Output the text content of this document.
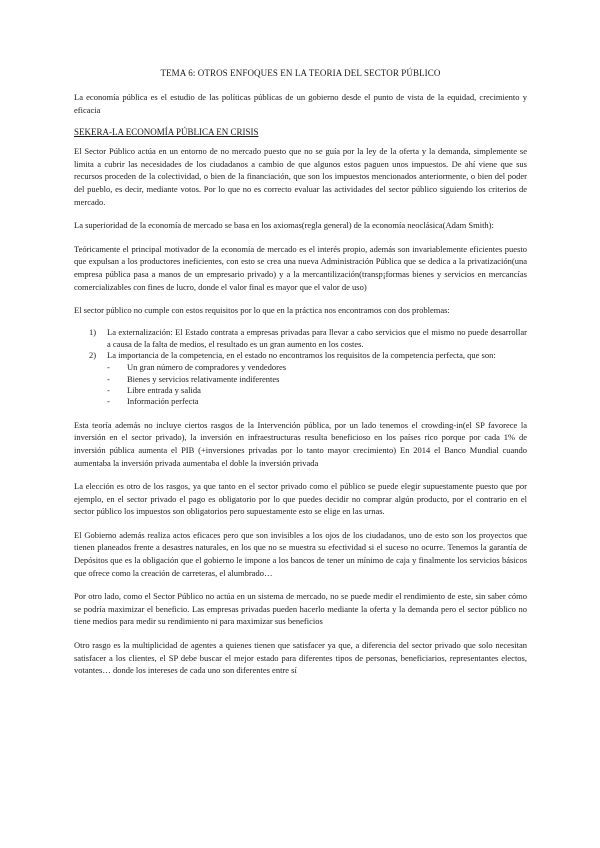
TEMA 6: OTROS ENFOQUES EN LA TEORIA DEL SECTOR PÚBLICO

La economía pública es el estudio de las políticas públicas de un gobierno desde el punto de vista de la equidad, crecimiento y eficacia

SEKERA-LA ECONOMÍA PÚBLICA EN CRISIS

El Sector Público actúa en un entorno de no mercado puesto que no se guía por la ley de la oferta y la demanda, simplemente se limita a cubrir las necesidades de los ciudadanos a cambio de que algunos estos paguen unos impuestos. De ahí viene que sus recursos proceden de la colectividad, o bien de la financiación, que son los impuestos mencionados anteriormente, o bien del poder del pueblo, es decir, mediante votos. Por lo que no es correcto evaluar las actividades del sector público siguiendo los criterios de mercado.

La superioridad de la economía de mercado se basa en los axiomas(regla general) de la economía neoclásica(Adam Smith):

Teóricamente el principal motivador de la economía de mercado es el interés propio, además son invariablemente eficientes puesto que expulsan a los productores ineficientes, con esto se crea una nueva Administración Pública que se dedica a la privatización(una empresa pública pasa a manos de un empresario privado) y a la mercantilización(transp¡formas bienes y servicios en mercancías comercializables con fines de lucro, donde el valor final es mayor que el valor de uso)

El sector público no cumple con estos requisitos por lo que en la práctica nos encontramos con dos problemas:

1) La externalización: El Estado contrata a empresas privadas para llevar a cabo servicios que el mismo no puede desarrollar a causa de la falta de medios, el resultado es un gran aumento en los costes.
2) La importancia de la competencia, en el estado no encontramos los requisitos de la competencia perfecta, que son:
- Un gran número de compradores y vendedores
- Bienes y servicios relativamente indiferentes
- Libre entrada y salida
- Información perfecta

Esta teoría además no incluye ciertos rasgos de la Intervención pública, por un lado tenemos el crowding-in(el SP favorece la inversión en el sector privado), la inversión en infraestructuras resulta beneficioso en los países rico porque por cada 1% de inversión pública aumenta el PIB (+inversiones privadas por lo tanto mayor crecimiento) En 2014 el Banco Mundial cuando aumentaba la inversión privada aumentaba el doble la inversión privada

La elección es otro de los rasgos, ya que tanto en el sector privado como el público se puede elegir supuestamente puesto que por ejemplo, en el sector privado el pago es obligatorio por lo que puedes decidir no comprar algún producto, por el contrario en el sector público los impuestos son obligatorios pero supuestamente esto se elige en las urnas.

El Gobierno además realiza actos eficaces pero que son invisibles a los ojos de los ciudadanos, uno de esto son los proyectos que tienen planeados frente a desastres naturales, en los que no se muestra su efectividad si el suceso no ocurre. Tenemos la garantía de Depósitos que es la obligación que el gobierno le impone a los bancos de tener un mínimo de caja y finalmente los servicios básicos que ofrece como la creación de carreteras, el alumbrado…

Por otro lado, como el Sector Público no actúa en un sistema de mercado, no se puede medir el rendimiento de este, sin saber cómo se podría maximizar el beneficio. Las empresas privadas pueden hacerlo mediante la oferta y la demanda pero el sector público no tiene medios para medir su rendimiento ni para maximizar sus beneficios

Otro rasgo es la multiplicidad de agentes a quienes tienen que satisfacer ya que, a diferencia del sector privado que solo necesitan satisfacer a los clientes, el SP debe buscar el mejor estado para diferentes tipos de personas, beneficiarios, representantes electos, votantes… donde los intereses de cada uno son diferentes entre sí
